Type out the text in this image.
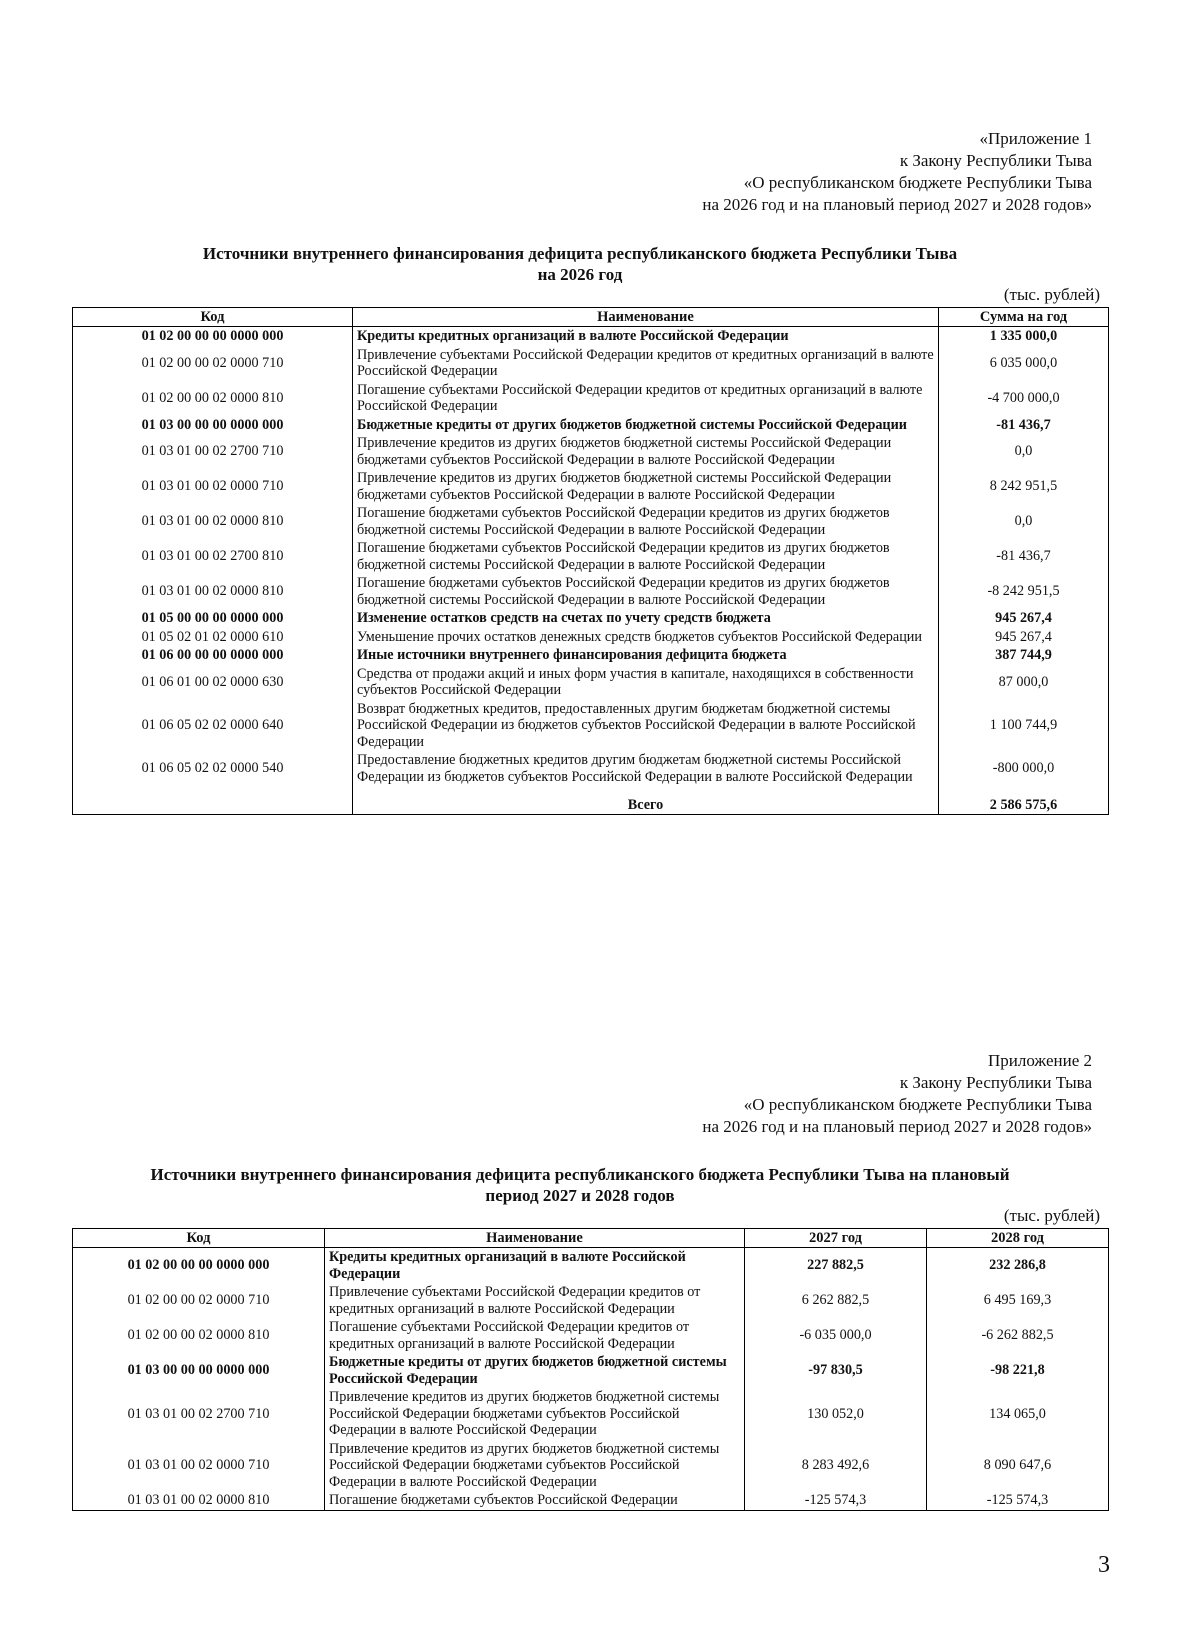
«Приложение 1
к Закону Республики Тыва
«О республиканском бюджете Республики Тыва
на 2026 год и на плановый период 2027 и 2028 годов»
Источники внутреннего финансирования дефицита республиканского бюджета Республики Тыва
на 2026 год
(тыс. рублей)
Код	Наименование	Сумма на год
01 02 00 00 00 0000 000	Кредиты кредитных организаций в валюте Российской Федерации	1 335 000,0
01 02 00 00 02 0000 710	Привлечение субъектами Российской Федерации кредитов от кредитных организаций в валюте Российской Федерации	6 035 000,0
01 02 00 00 02 0000 810	Погашение субъектами Российской Федерации кредитов от кредитных организаций в валюте Российской Федерации	-4 700 000,0
01 03 00 00 00 0000 000	Бюджетные кредиты от других бюджетов бюджетной системы Российской Федерации	-81 436,7
01 03 01 00 02 2700 710	Привлечение кредитов из других бюджетов бюджетной системы Российской Федерации бюджетами субъектов Российской Федерации в валюте Российской Федерации	0,0
01 03 01 00 02 0000 710	Привлечение кредитов из других бюджетов бюджетной системы Российской Федерации бюджетами субъектов Российской Федерации в валюте Российской Федерации	8 242 951,5
01 03 01 00 02 0000 810	Погашение бюджетами субъектов Российской Федерации кредитов из других бюджетов бюджетной системы Российской Федерации в валюте Российской Федерации	0,0
01 03 01 00 02 2700 810	Погашение бюджетами субъектов Российской Федерации кредитов из других бюджетов бюджетной системы Российской Федерации в валюте Российской Федерации	-81 436,7
01 03 01 00 02 0000 810	Погашение бюджетами субъектов Российской Федерации кредитов из других бюджетов бюджетной системы Российской Федерации в валюте Российской Федерации	-8 242 951,5
01 05 00 00 00 0000 000	Изменение остатков средств на счетах по учету средств бюджета	945 267,4
01 05 02 01 02 0000 610	Уменьшение прочих остатков денежных средств бюджетов субъектов Российской Федерации	945 267,4
01 06 00 00 00 0000 000	Иные источники внутреннего финансирования дефицита бюджета	387 744,9
01 06 01 00 02 0000 630	Средства от продажи акций и иных форм участия в капитале, находящихся в собственности субъектов Российской Федерации	87 000,0
01 06 05 02 02 0000 640	Возврат бюджетных кредитов, предоставленных другим бюджетам бюджетной системы Российской Федерации из бюджетов субъектов Российской Федерации в валюте Российской Федерации	1 100 744,9
01 06 05 02 02 0000 540	Предоставление бюджетных кредитов другим бюджетам бюджетной системы Российской Федерации из бюджетов субъектов Российской Федерации в валюте Российской Федерации	-800 000,0
	Всего	2 586 575,6
Приложение 2
к Закону Республики Тыва
«О республиканском бюджете Республики Тыва
на 2026 год и на плановый период 2027 и 2028 годов»
Источники внутреннего финансирования дефицита республиканского бюджета Республики Тыва на плановый
период 2027 и 2028 годов
(тыс. рублей)
Код	Наименование	2027 год	2028 год
01 02 00 00 00 0000 000	Кредиты кредитных организаций в валюте Российской Федерации	227 882,5	232 286,8
01 02 00 00 02 0000 710	Привлечение субъектами Российской Федерации кредитов от кредитных организаций в валюте Российской Федерации	6 262 882,5	6 495 169,3
01 02 00 00 02 0000 810	Погашение субъектами Российской Федерации кредитов от кредитных организаций в валюте Российской Федерации	-6 035 000,0	-6 262 882,5
01 03 00 00 00 0000 000	Бюджетные кредиты от других бюджетов бюджетной системы Российской Федерации	-97 830,5	-98 221,8
01 03 01 00 02 2700 710	Привлечение кредитов из других бюджетов бюджетной системы Российской Федерации бюджетами субъектов Российской Федерации в валюте Российской Федерации	130 052,0	134 065,0
01 03 01 00 02 0000 710	Привлечение кредитов из других бюджетов бюджетной системы Российской Федерации бюджетами субъектов Российской Федерации в валюте Российской Федерации	8 283 492,6	8 090 647,6
01 03 01 00 02 0000 810	Погашение бюджетами субъектов Российской Федерации	-125 574,3	-125 574,3
3
